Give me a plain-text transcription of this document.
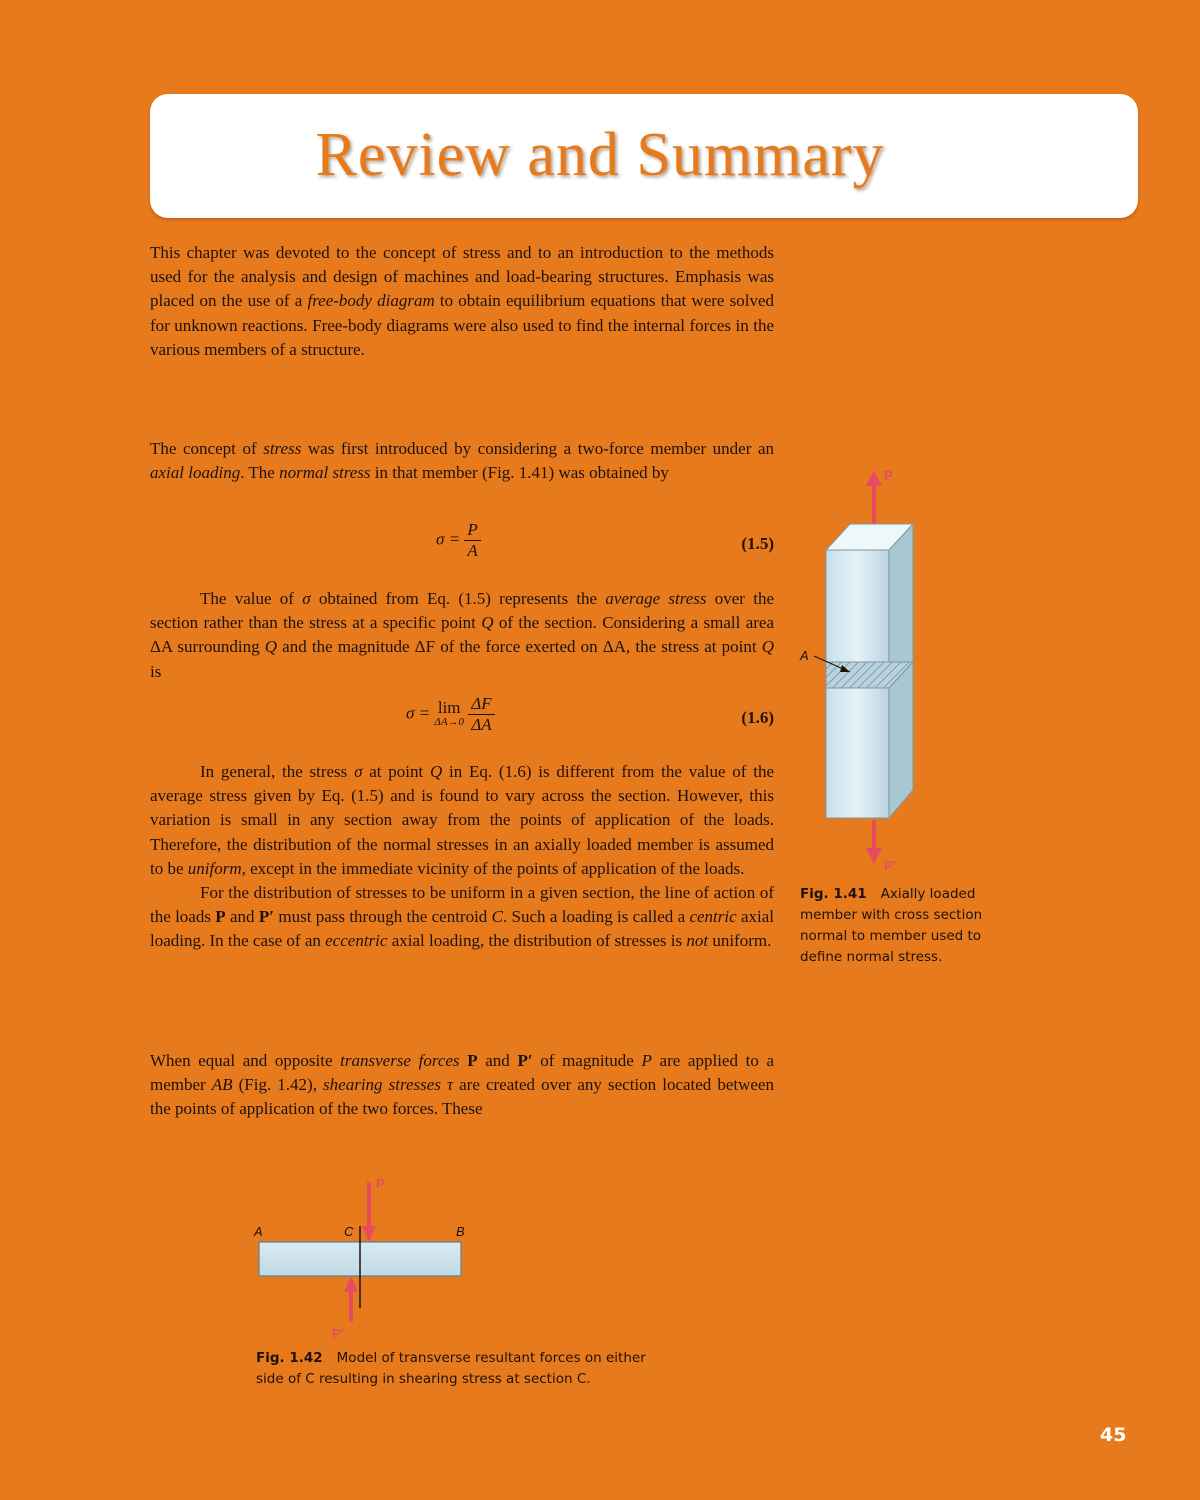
Review and Summary

This chapter was devoted to the concept of stress and to an introduction to the methods used for the analysis and design of machines and load-bearing structures. Emphasis was placed on the use of a free-body diagram to obtain equilibrium equations that were solved for unknown reactions. Free-body diagrams were also used to find the internal forces in the various members of a structure.

The concept of stress was first introduced by considering a two-force member under an axial loading. The normal stress in that member (Fig. 1.41) was obtained by

$\sigma = \frac{P}{A}$	(1.5)

The value of σ obtained from Eq. (1.5) represents the average stress over the section rather than the stress at a specific point Q of the section. Considering a small area ΔA surrounding Q and the magnitude ΔF of the force exerted on ΔA, the stress at point Q is

σ = lim
ΔA→0
$\frac{\Delta F}{\Delta A}$	(1.6)

In general, the stress σ at point Q in Eq. (1.6) is different from the value of the average stress given by Eq. (1.5) and is found to vary across the section. However, this variation is small in any section away from the points of application of the loads. Therefore, the distribution of the normal stresses in an axially loaded member is assumed to be uniform, except in the immediate vicinity of the points of application of the loads.
For the distribution of stresses to be uniform in a given section, the line of action of the loads P and P′ must pass through the centroid C. Such a loading is called a centric axial loading. In the case of an eccentric axial loading, the distribution of stresses is not uniform.

When equal and opposite transverse forces P and P′ of magnitude P are applied to a member AB (Fig. 1.42), shearing stresses τ are created over any section located between the points of application of the two forces. These

P
A
P′
Fig. 1.41 Axially loaded member with cross section normal to member used to define normal stress.
A	C	B
P
P′
Fig. 1.42 Model of transverse resultant forces on either side of C resulting in shearing stress at section C.
45
